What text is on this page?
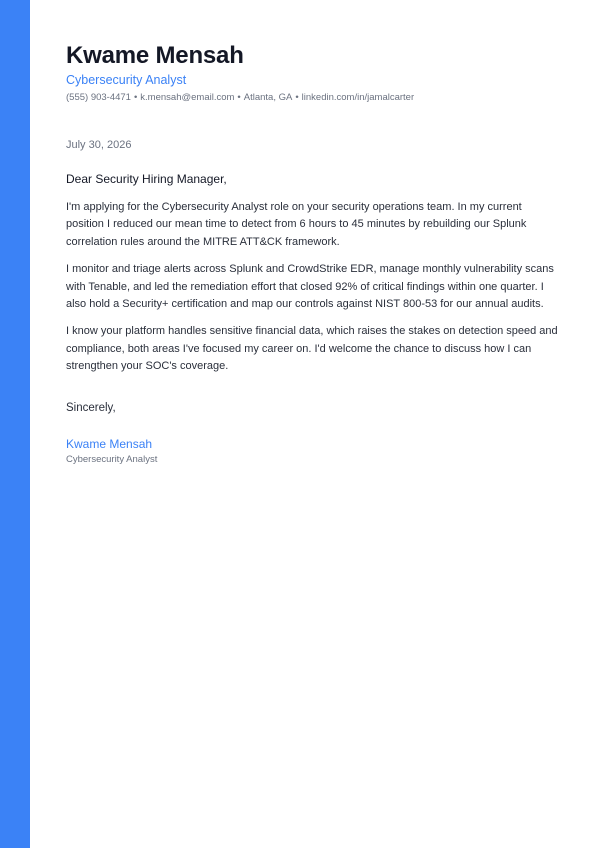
Kwame Mensah
Cybersecurity Analyst
(555) 903-4471 • k.mensah@email.com • Atlanta, GA • linkedin.com/in/jamalcarter
July 30, 2026
Dear Security Hiring Manager,

I'm applying for the Cybersecurity Analyst role on your security operations team. In my current position I reduced our mean time to detect from 6 hours to 45 minutes by rebuilding our Splunk correlation rules around the MITRE ATT&CK framework.

I monitor and triage alerts across Splunk and CrowdStrike EDR, manage monthly vulnerability scans with Tenable, and led the remediation effort that closed 92% of critical findings within one quarter. I also hold a Security+ certification and map our controls against NIST 800-53 for our annual audits.

I know your platform handles sensitive financial data, which raises the stakes on detection speed and compliance, both areas I've focused my career on. I'd welcome the chance to discuss how I can strengthen your SOC's coverage.

Sincerely,
Kwame Mensah
Cybersecurity Analyst
